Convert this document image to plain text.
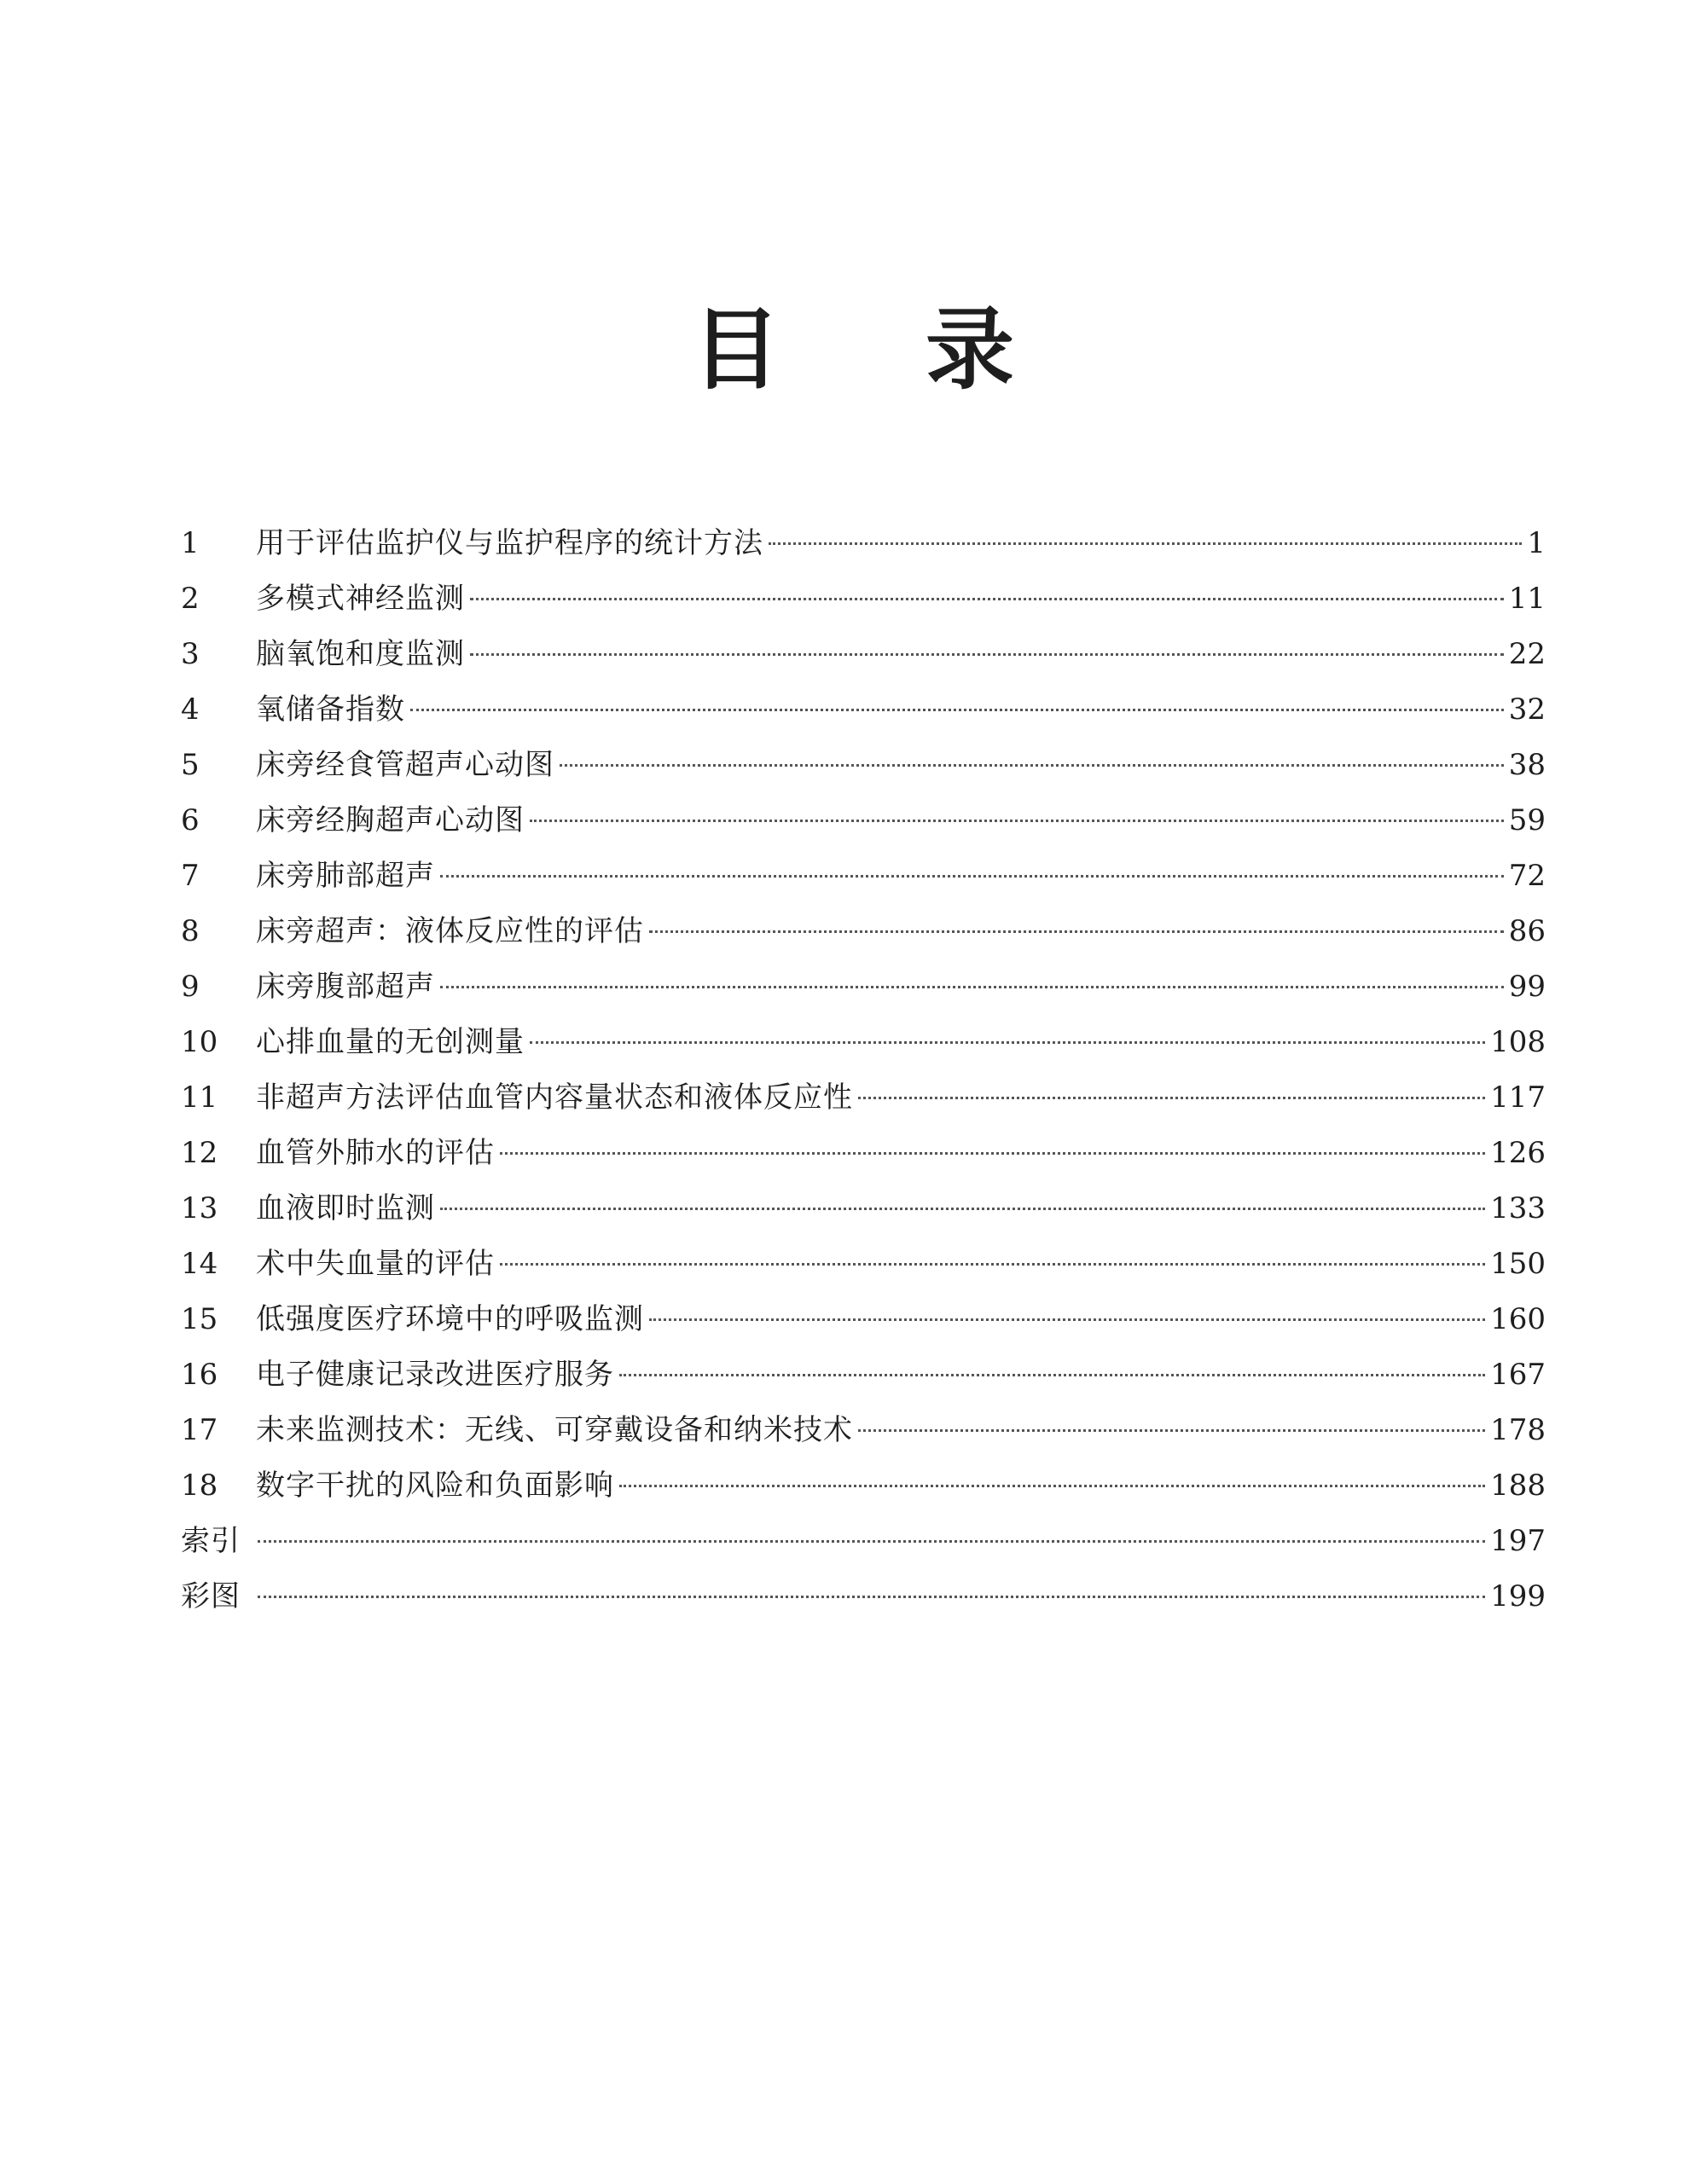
目 录
1	用于评估监护仪与监护程序的统计方法	1
2	多模式神经监测	11
3	脑氧饱和度监测	22
4	氧储备指数	32
5	床旁经食管超声心动图	38
6	床旁经胸超声心动图	59
7	床旁肺部超声	72
8	床旁超声：液体反应性的评估	86
9	床旁腹部超声	99
10	心排血量的无创测量	108
11	非超声方法评估血管内容量状态和液体反应性	117
12	血管外肺水的评估	126
13	血液即时监测	133
14	术中失血量的评估	150
15	低强度医疗环境中的呼吸监测	160
16	电子健康记录改进医疗服务	167
17	未来监测技术：无线、可穿戴设备和纳米技术	178
18	数字干扰的风险和负面影响	188
索引	197
彩图	199
